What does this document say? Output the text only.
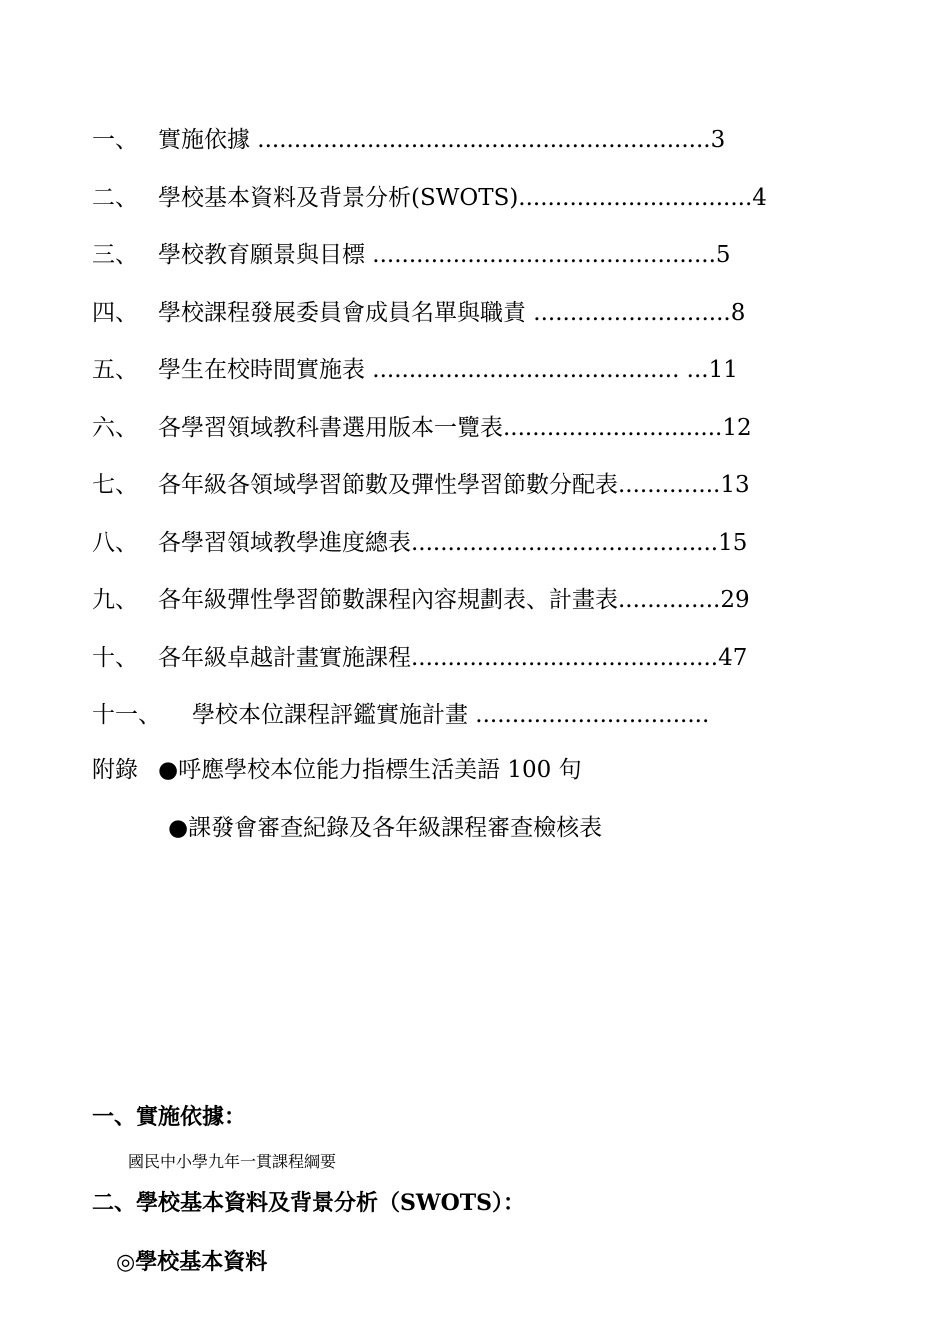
一、 實施依據 ..............................................................3
二、 學校基本資料及背景分析(SWOTS)................................4
三、 學校教育願景與目標 ...............................................5
四、 學校課程發展委員會成員名單與職責 ...........................8
五、 學生在校時間實施表 .......................................... ...11
六、 各學習領域教科書選用版本一覽表..............................12
七、 各年級各領域學習節數及彈性學習節數分配表..............13
八、 各學習領域教學進度總表..........................................15
九、 各年級彈性學習節數課程內容規劃表、計畫表..............29
十、 各年級卓越計畫實施課程..........................................47
十一、	學校本位課程評鑑實施計畫 ................................
附錄 ●呼應學校本位能力指標生活美語 100 句
●課發會審查紀錄及各年級課程審查檢核表
一、實施依據：
國民中小學九年一貫課程綱要
二、學校基本資料及背景分析（SWOTS）：
◎學校基本資料
